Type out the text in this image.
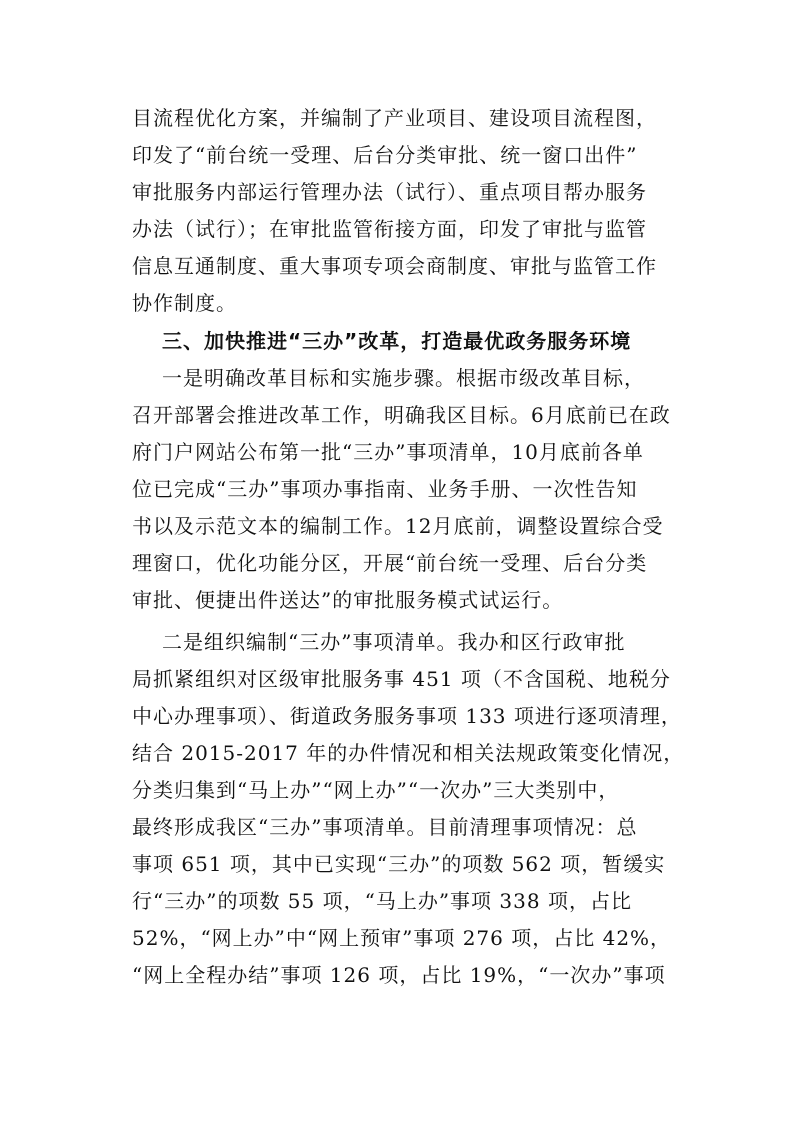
目流程优化方案，并编制了产业项目、建设项目流程图，
印发了“前台统一受理、后台分类审批、统一窗口出件”
审批服务内部运行管理办法（试行）、重点项目帮办服务
办法（试行）；在审批监管衔接方面，印发了审批与监管
信息互通制度、重大事项专项会商制度、审批与监管工作
协作制度。
三、加快推进“三办”改革，打造最优政务服务环境
一是明确改革目标和实施步骤。根据市级改革目标，
召开部署会推进改革工作，明确我区目标。6月底前已在政
府门户网站公布第一批“三办”事项清单，10月底前各单
位已完成“三办”事项办事指南、业务手册、一次性告知
书以及示范文本的编制工作。12月底前，调整设置综合受
理窗口，优化功能分区，开展“前台统一受理、后台分类
审批、便捷出件送达”的审批服务模式试运行。
二是组织编制“三办”事项清单。我办和区行政审批
局抓紧组织对区级审批服务事 451 项（不含国税、地税分
中心办理事项）、街道政务服务事项 133 项进行逐项清理，
结合 2015-2017 年的办件情况和相关法规政策变化情况，
分类归集到“马上办”“网上办”“一次办”三大类别中，
最终形成我区“三办”事项清单。目前清理事项情况：总
事项 651 项，其中已实现“三办”的项数 562 项，暂缓实
行“三办”的项数 55 项，“马上办”事项 338 项，占比
52%，“网上办”中“网上预审”事项 276 项，占比 42%，
“网上全程办结”事项 126 项，占比 19%，“一次办”事项
